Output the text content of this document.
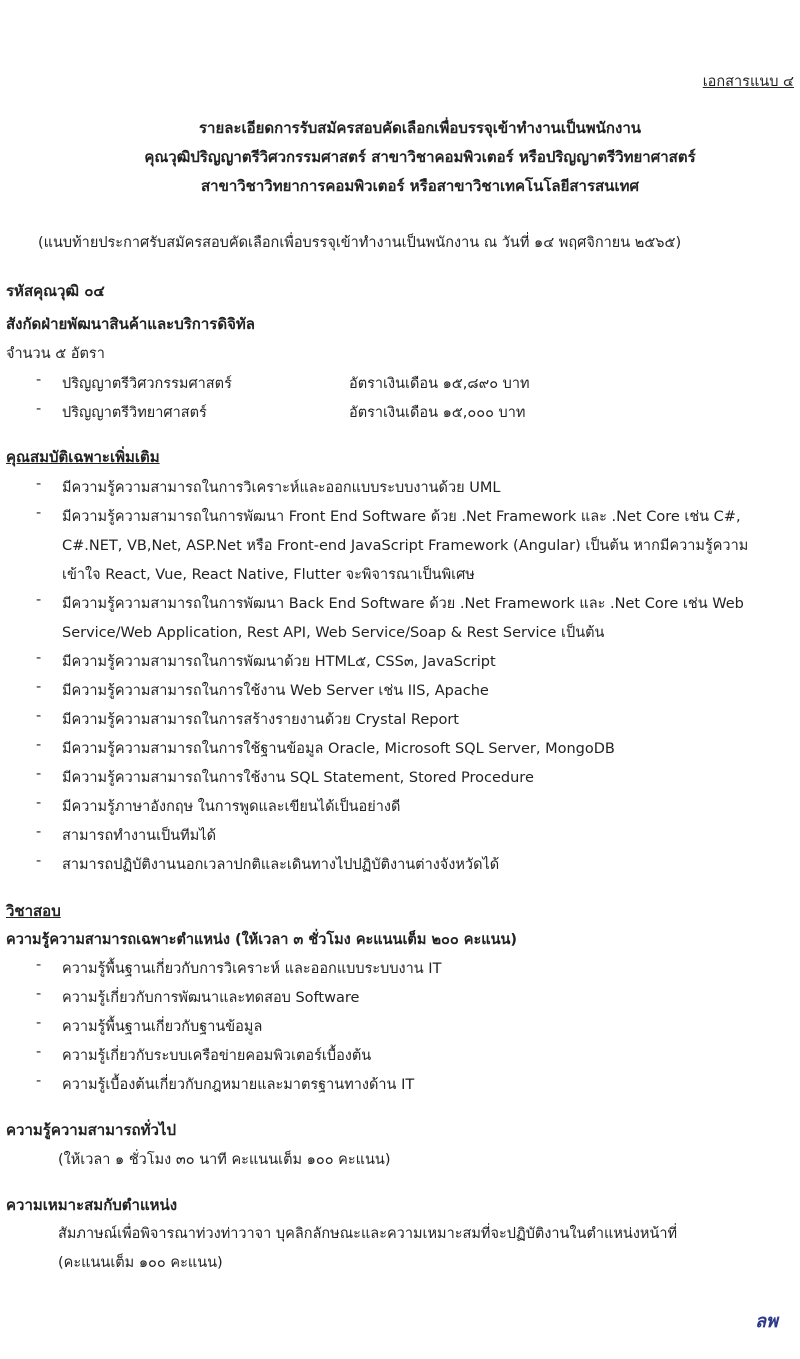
เอกสารแนบ ๔
รายละเอียดการรับสมัครสอบคัดเลือกเพื่อบรรจุเข้าทำงานเป็นพนักงาน
คุณวุฒิปริญญาตรีวิศวกรรมศาสตร์ สาขาวิชาคอมพิวเตอร์ หรือปริญญาตรีวิทยาศาสตร์
สาขาวิชาวิทยาการคอมพิวเตอร์ หรือสาขาวิชาเทคโนโลยีสารสนเทศ
(แนบท้ายประกาศรับสมัครสอบคัดเลือกเพื่อบรรจุเข้าทำงานเป็นพนักงาน ณ วันที่ ๑๔ พฤศจิกายน ๒๕๖๕)
รหัสคุณวุฒิ ๐๔
สังกัดฝ่ายพัฒนาสินค้าและบริการดิจิทัล
จำนวน ๕ อัตรา
ปริญญาตรีวิศวกรรมศาสตร์	อัตราเงินเดือน ๑๕,๘๙๐ บาท
ปริญญาตรีวิทยาศาสตร์	อัตราเงินเดือน ๑๕,๐๐๐ บาท
คุณสมบัติเฉพาะเพิ่มเติม
มีความรู้ความสามารถในการวิเคราะห์และออกแบบระบบงานด้วย UML
มีความรู้ความสามารถในการพัฒนา Front End Software ด้วย .Net Framework และ .Net Core เช่น C#,
C#.NET, VB,Net, ASP.Net หรือ Front-end JavaScript Framework (Angular) เป็นต้น หากมีความรู้ความ
เข้าใจ React, Vue, React Native, Flutter จะพิจารณาเป็นพิเศษ
มีความรู้ความสามารถในการพัฒนา Back End Software ด้วย .Net Framework และ .Net Core เช่น Web
Service/Web Application, Rest API, Web Service/Soap & Rest Service เป็นต้น
มีความรู้ความสามารถในการพัฒนาด้วย HTML๕, CSS๓, JavaScript
มีความรู้ความสามารถในการใช้งาน Web Server เช่น IIS, Apache
มีความรู้ความสามารถในการสร้างรายงานด้วย Crystal Report
มีความรู้ความสามารถในการใช้ฐานข้อมูล Oracle, Microsoft SQL Server, MongoDB
มีความรู้ความสามารถในการใช้งาน SQL Statement, Stored Procedure
มีความรู้ภาษาอังกฤษ ในการพูดและเขียนได้เป็นอย่างดี
สามารถทำงานเป็นทีมได้
สามารถปฏิบัติงานนอกเวลาปกติและเดินทางไปปฏิบัติงานต่างจังหวัดได้
วิชาสอบ
ความรู้ความสามารถเฉพาะตำแหน่ง (ให้เวลา ๓ ชั่วโมง คะแนนเต็ม ๒๐๐ คะแนน)
ความรู้พื้นฐานเกี่ยวกับการวิเคราะห์ และออกแบบระบบงาน IT
ความรู้เกี่ยวกับการพัฒนาและทดสอบ Software
ความรู้พื้นฐานเกี่ยวกับฐานข้อมูล
ความรู้เกี่ยวกับระบบเครือข่ายคอมพิวเตอร์เบื้องต้น
ความรู้เบื้องต้นเกี่ยวกับกฎหมายและมาตรฐานทางด้าน IT
ความรู้ความสามารถทั่วไป
(ให้เวลา ๑ ชั่วโมง ๓๐ นาที คะแนนเต็ม ๑๐๐ คะแนน)
ความเหมาะสมกับตำแหน่ง
สัมภาษณ์เพื่อพิจารณาท่วงท่าวาจา บุคลิกลักษณะและความเหมาะสมที่จะปฏิบัติงานในตำแหน่งหน้าที่
(คะแนนเต็ม ๑๐๐ คะแนน)
ลพ
